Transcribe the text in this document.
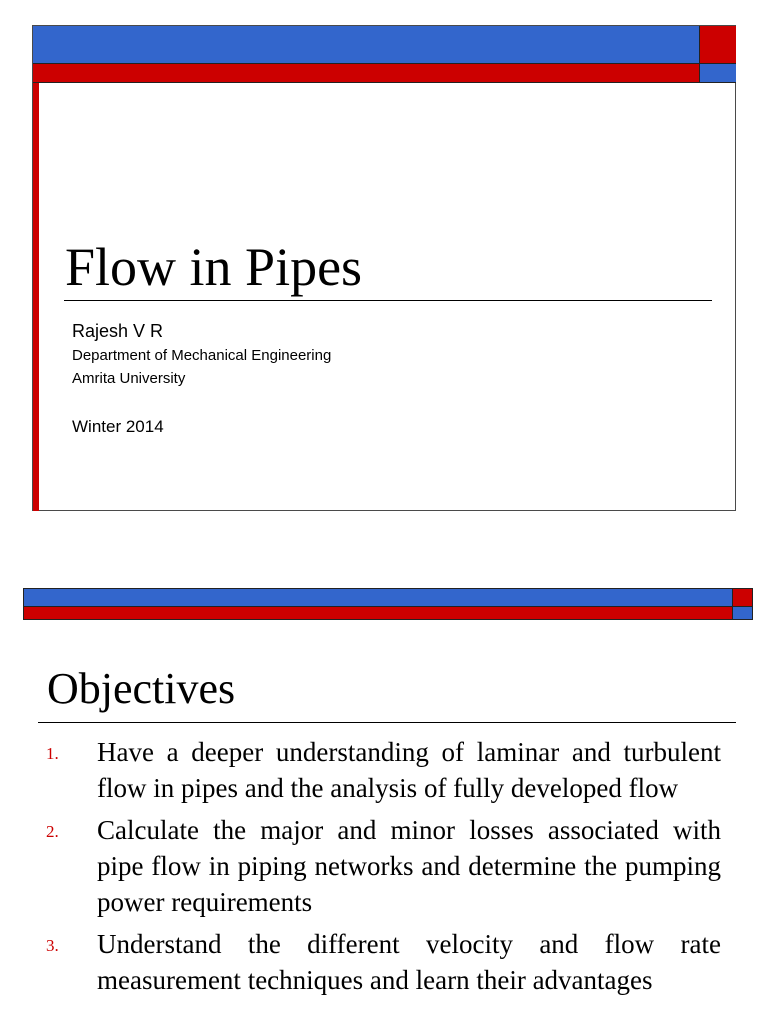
Flow in Pipes
Rajesh V R
Department of Mechanical Engineering
Amrita University
Winter 2014
Objectives
1. Have a deeper understanding of laminar and turbulent flow in pipes and the analysis of fully developed flow
2. Calculate the major and minor losses associated with pipe flow in piping networks and determine the pumping power requirements
3. Understand the different velocity and flow rate measurement techniques and learn their advantages
